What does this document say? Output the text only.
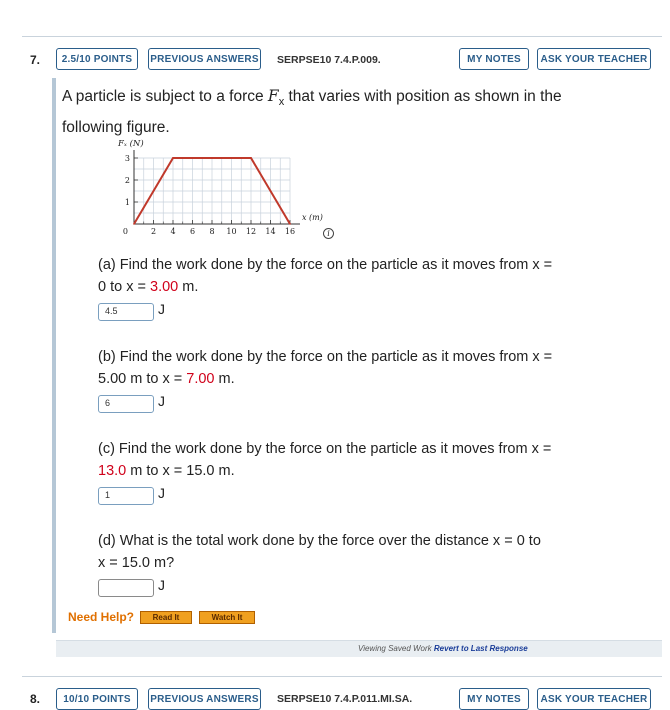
7.	2.5/10 POINTS	PREVIOUS ANSWERS SERPSE10 7.4.P.009.	MY NOTES	ASK YOUR TEACHER
A particle is subject to a force $F_x$ that varies with position as shown in the
following figure.
2 4 6 8 10 12 14 16
1
2
3
0
Fₓ (N)
x (m)
i
(a) Find the work done by the force on the particle as it moves from x =
0 to x = 3.00 m.
4.5	J
(b) Find the work done by the force on the particle as it moves from x =
5.00 m to x = 7.00 m.
6	J
(c) Find the work done by the force on the particle as it moves from x =
13.0 m to x = 15.0 m.
1	J
(d) What is the total work done by the force over the distance x = 0 to
x = 15.0 m?
J
Need Help?	Read It	Watch It
Viewing Saved Work Revert to Last Response
8.	10/10 POINTS	PREVIOUS ANSWERS SERPSE10 7.4.P.011.MI.SA.	MY NOTES	ASK YOUR TEACHER
